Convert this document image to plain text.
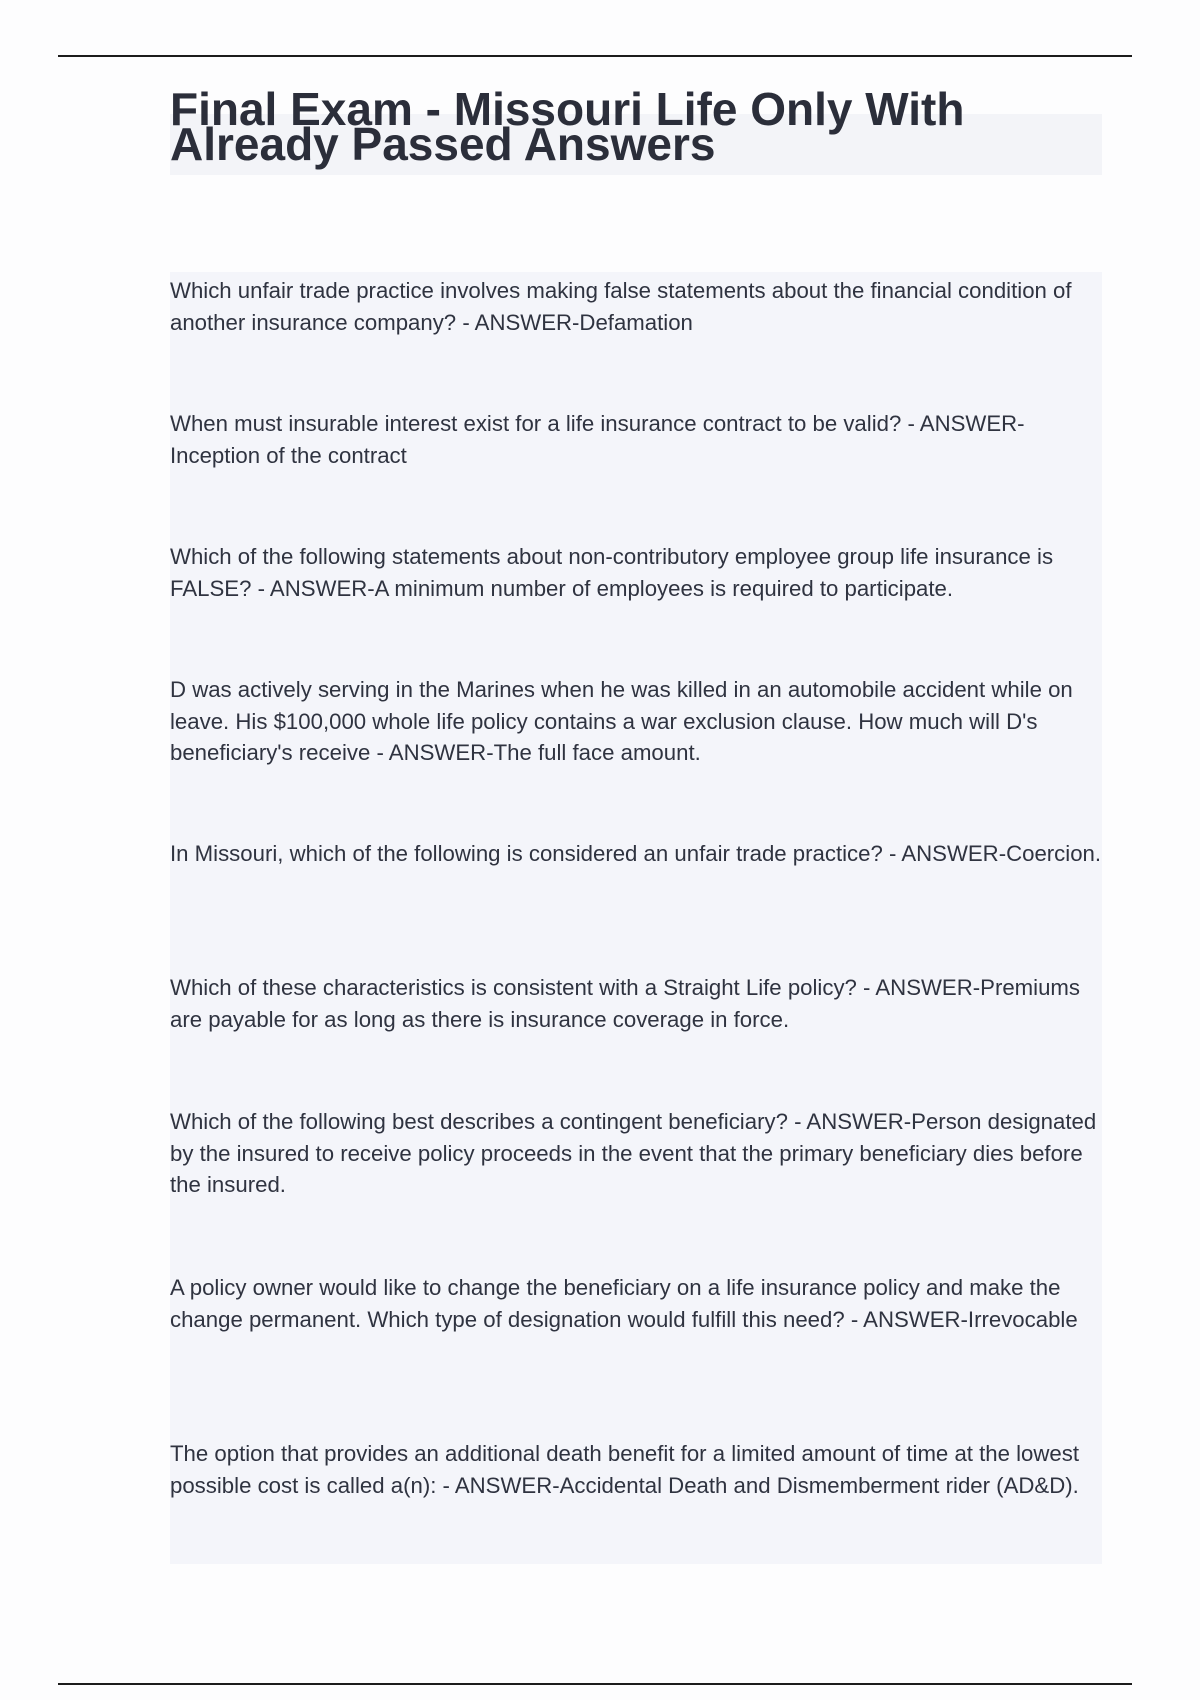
Final Exam - Missouri Life Only With Already Passed Answers

Which unfair trade practice involves making false statements about the financial condition of another insurance company? - ANSWER-Defamation

When must insurable interest exist for a life insurance contract to be valid? - ANSWER-Inception of the contract

Which of the following statements about non-contributory employee group life insurance is FALSE? - ANSWER-A minimum number of employees is required to participate.

D was actively serving in the Marines when he was killed in an automobile accident while on leave. His $100,000 whole life policy contains a war exclusion clause. How much will D's beneficiary's receive - ANSWER-The full face amount.

In Missouri, which of the following is considered an unfair trade practice? - ANSWER-Coercion.

Which of these characteristics is consistent with a Straight Life policy? - ANSWER-Premiums are payable for as long as there is insurance coverage in force.

Which of the following best describes a contingent beneficiary? - ANSWER-Person designated by the insured to receive policy proceeds in the event that the primary beneficiary dies before the insured.

A policy owner would like to change the beneficiary on a life insurance policy and make the change permanent. Which type of designation would fulfill this need? - ANSWER-Irrevocable

The option that provides an additional death benefit for a limited amount of time at the lowest possible cost is called a(n): - ANSWER-Accidental Death and Dismemberment rider (AD&D).
